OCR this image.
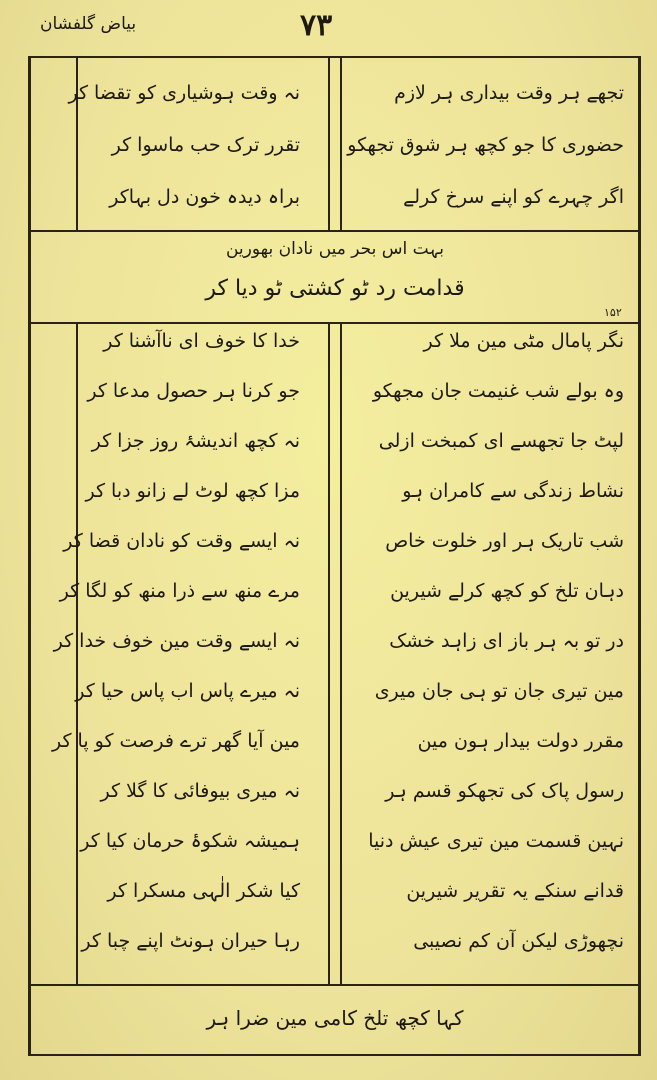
بیاض گلفشان	۷۳
تجھے ہر وقت بیداری ہر لازم
حضوری کا جو کچھ ہر شوق تجھکو
اگر چہرے کو اپنے سرخ کرلے
نہ وقت ہوشیاری کو تقضا کر
تقرر ترک حب ماسوا کر
براہ دیدہ خون دل بہاکر
بہت اس بحر میں نادان بھورین
قدامت رد ٹو کشتی ٹو دیا کر
۱۵۲
نگر پامال مٹی مین ملا کر
وہ بولے شب غنیمت جان مجھکو
لپٹ جا تجھسے ای کمبخت ازلی
نشاط زندگی سے کامران ہو
شب تاریک ہر اور خلوت خاص
دہان تلخ کو کچھ کرلے شیرین
در تو بہ ہر باز ای زاہد خشک
مین تیری جان تو ہی جان میری
مقرر دولت بیدار ہون مین
رسول پاک کی تجھکو قسم ہر
نہین قسمت مین تیری عیش دنیا
قدانے سنکے یہ تقریر شیرین
نچھوڑی لیکن آن کم نصیبی
خدا کا خوف ای ناآشنا کر
جو کرنا ہر حصول مدعا کر
نہ کچھ اندیشۂ روز جزا کر
مزا کچھ لوٹ لے زانو دبا کر
نہ ایسے وقت کو نادان قضا کر
مرے منھ سے ذرا منھ کو لگا کر
نہ ایسے وقت مین خوف خدا کر
نہ میرے پاس اب پاس حیا کر
مین آیا گھر ترے فرصت کو پا کر
نہ میری بیوفائی کا گلا کر
ہمیشہ شکوۂ حرمان کیا کر
کیا شکر الٰہی مسکرا کر
رہا حیران ہونٹ اپنے چبا کر
کہا کچھ تلخ کامی مین ضرا ہر
